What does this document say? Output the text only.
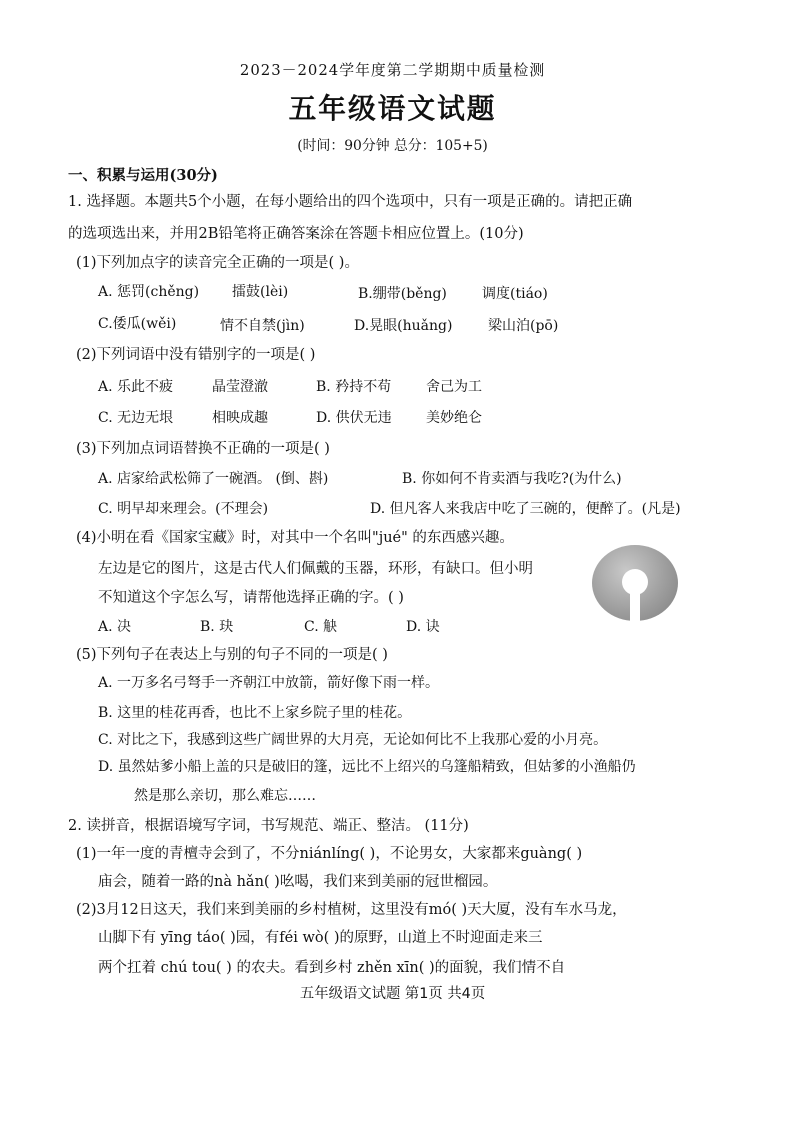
2023－2024学年度第二学期期中质量检测
五年级语文试题
(时间：90分钟 总分：105+5)
一、积累与运用(30分)
1. 选择题。本题共5个小题，在每小题给出的四个选项中，只有一项是正确的。请把正确
的选项选出来，并用2B铅笔将正确答案涂在答题卡相应位置上。(10分)
(1)下列加点字的读音完全正确的一项是( )。
A. 惩罚(chěng) 擂鼓(lèi)	B.绷带(běng)	调度(tiáo)
C.倭瓜(wěi)	情不自禁(jìn)	D.晃眼(huǎng)	梁山泊(pō)
(2)下列词语中没有错别字的一项是( )
A. 乐此不疲	晶莹澄澈	B. 矜持不苟 舍己为工
C. 无边无垠	相映成趣	D. 供伏无违 美妙绝仑
(3)下列加点词语替换不正确的一项是( )
A. 店家给武松筛了一碗酒。 (倒、斟)	B. 你如何不肯卖酒与我吃?(为什么)
C. 明早却来理会。(不理会)	D. 但凡客人来我店中吃了三碗的，便醉了。(凡是)
(4)小明在看《国家宝藏》时，对其中一个名叫"jué" 的东西感兴趣。
左边是它的图片，这是古代人们佩戴的玉器，环形，有缺口。但小明
不知道这个字怎么写，请帮他选择正确的字。( )
A. 决	B. 玦	C. 觖	D. 诀
(5)下列句子在表达上与别的句子不同的一项是( )
A. 一万多名弓弩手一齐朝江中放箭，箭好像下雨一样。
B. 这里的桂花再香，也比不上家乡院子里的桂花。
C. 对比之下，我感到这些广阔世界的大月亮，无论如何比不上我那心爱的小月亮。
D. 虽然姑爹小船上盖的只是破旧的篷，远比不上绍兴的乌篷船精致，但姑爹的小渔船仍
然是那么亲切，那么难忘……
2. 读拼音，根据语境写字词，书写规范、端正、整洁。 (11分)
(1)一年一度的青檀寺会到了，不分niánlíng( )，不论男女，大家都来guàng( )
庙会，随着一路的nà hǎn( )吆喝，我们来到美丽的冠世榴园。
(2)3月12日这天，我们来到美丽的乡村植树，这里没有mó( )天大厦，没有车水马龙，
山脚下有 yīng táo( )园，有féi wò( )的原野，山道上不时迎面走来三
两个扛着 chú tou( ) 的农夫。看到乡村 zhěn xīn( )的面貌，我们情不自
五年级语文试题 第1页 共4页
